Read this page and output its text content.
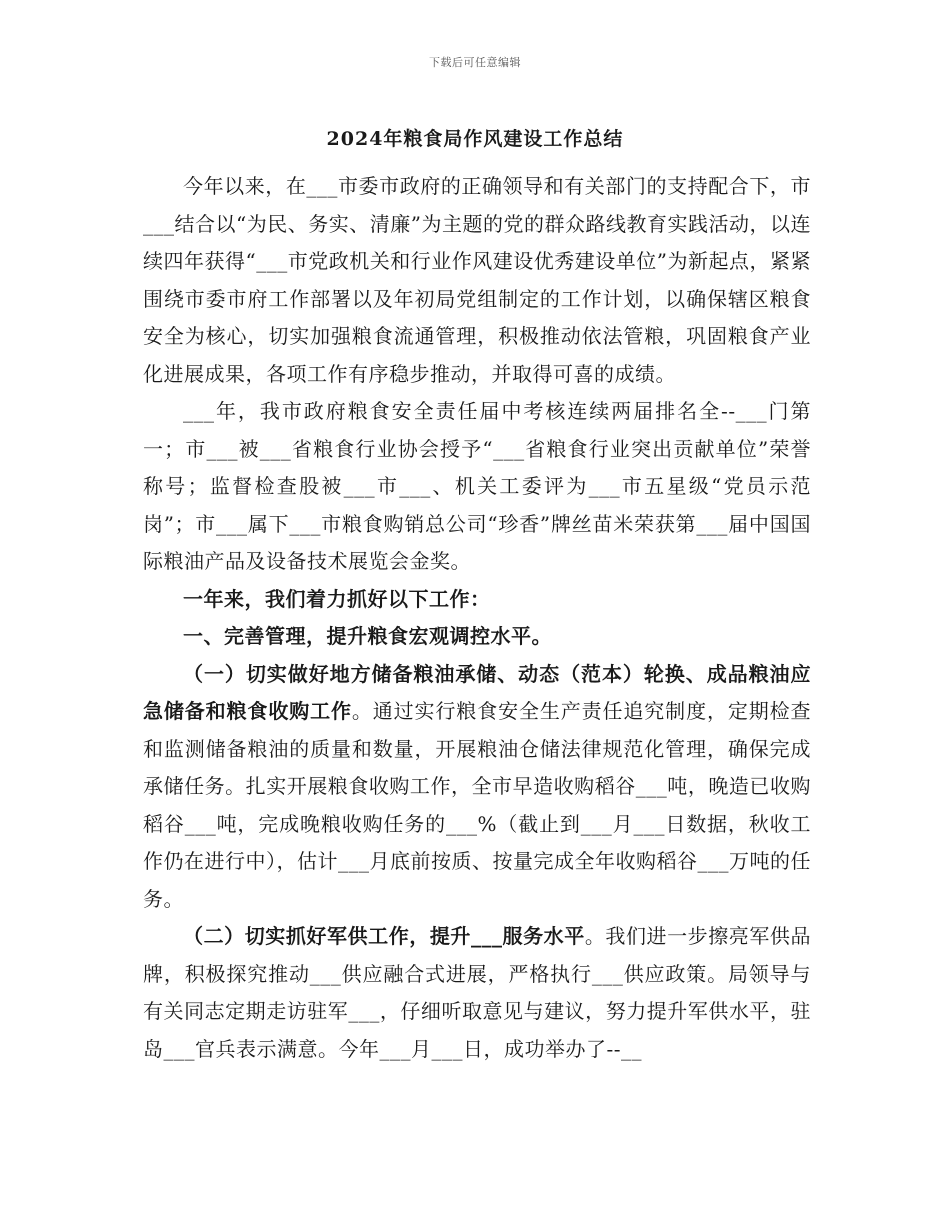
下载后可任意编辑
2024年粮食局作风建设工作总结

今年以来，在___市委市政府的正确领导和有关部门的支持配合下，市___结合以“为民、务实、清廉”为主题的党的群众路线教育实践活动，以连续四年获得“___市党政机关和行业作风建设优秀建设单位”为新起点，紧紧围绕市委市府工作部署以及年初局党组制定的工作计划，以确保辖区粮食安全为核心，切实加强粮食流通管理，积极推动依法管粮，巩固粮食产业化进展成果，各项工作有序稳步推动，并取得可喜的成绩。

___年，我市政府粮食安全责任届中考核连续两届排名全--___门第一；市___被___省粮食行业协会授予“___省粮食行业突出贡献单位”荣誉称号；监督检查股被___市___、机关工委评为___市五星级“党员示范岗”；市___属下___市粮食购销总公司“珍香”牌丝苗米荣获第___届中国国际粮油产品及设备技术展览会金奖。

一年来，我们着力抓好以下工作：

一、完善管理，提升粮食宏观调控水平。

（一）切实做好地方储备粮油承储、动态（范本）轮换、成品粮油应急储备和粮食收购工作。通过实行粮食安全生产责任追究制度，定期检查和监测储备粮油的质量和数量，开展粮油仓储法律规范化管理，确保完成承储任务。扎实开展粮食收购工作，全市早造收购稻谷___吨，晚造已收购稻谷___吨，完成晚粮收购任务的___%（截止到___月___日数据，秋收工作仍在进行中），估计___月底前按质、按量完成全年收购稻谷___万吨的任务。

（二）切实抓好军供工作，提升___服务水平。我们进一步擦亮军供品牌，积极探究推动___供应融合式进展，严格执行___供应政策。局领导与有关同志定期走访驻军___，仔细听取意见与建议，努力提升军供水平，驻岛___官兵表示满意。今年___月___日，成功举办了--__
